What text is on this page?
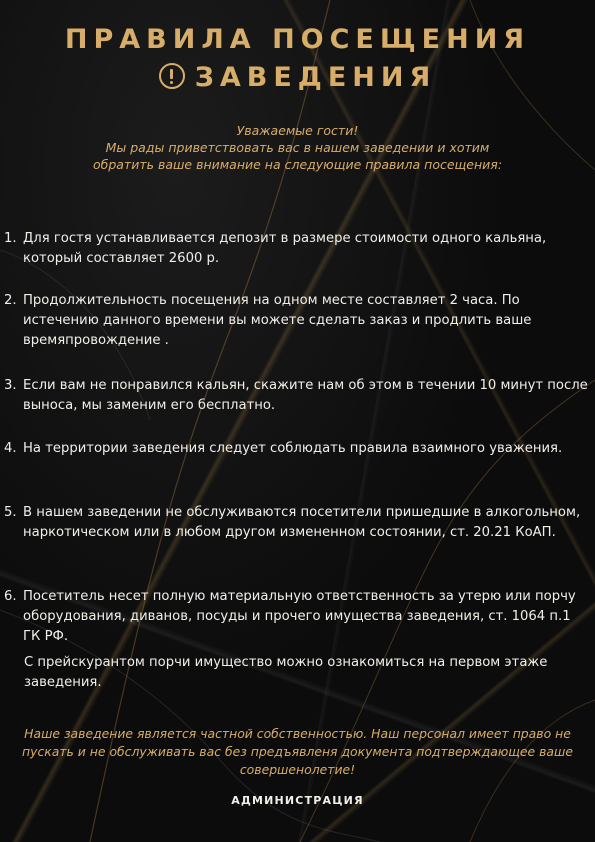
ПРАВИЛА ПОСЕЩЕНИЯ
ЗАВЕДЕНИЯ
Уважаемые гости!
Мы рады приветствовать вас в нашем заведении и хотим
обратить ваше внимание на следующие правила посещения:
1. Для гостя устанавливается депозит в размере стоимости одного кальяна, который составляет 2600 р.
2. Продолжительность посещения на одном месте составляет 2 часа. По истечению данного времени вы можете сделать заказ и продлить ваше времяпровождение .
3. Если вам не понравился кальян, скажите нам об этом в течении 10 минут после выноса, мы заменим его бесплатно.
4. На территории заведения следует соблюдать правила взаимного уважения.
5. В нашем заведении не обслуживаются посетители пришедшие в алкогольном, наркотическом или в любом другом измененном состоянии, ст. 20.21 КоАП.
6. Посетитель несет полную материальную ответственность за утерю или порчу оборудования, диванов, посуды и прочего имущества заведения, ст. 1064 п.1 ГК РФ.

С прейскурантом порчи имущество можно ознакомиться на первом этаже заведения.

Наше заведение является частной собственностью. Наш персонал имеет право не пускать и не обслуживать вас без предъявленя документа подтверждающее ваше совершенолетие!

АДМИНИСТРАЦИЯ
